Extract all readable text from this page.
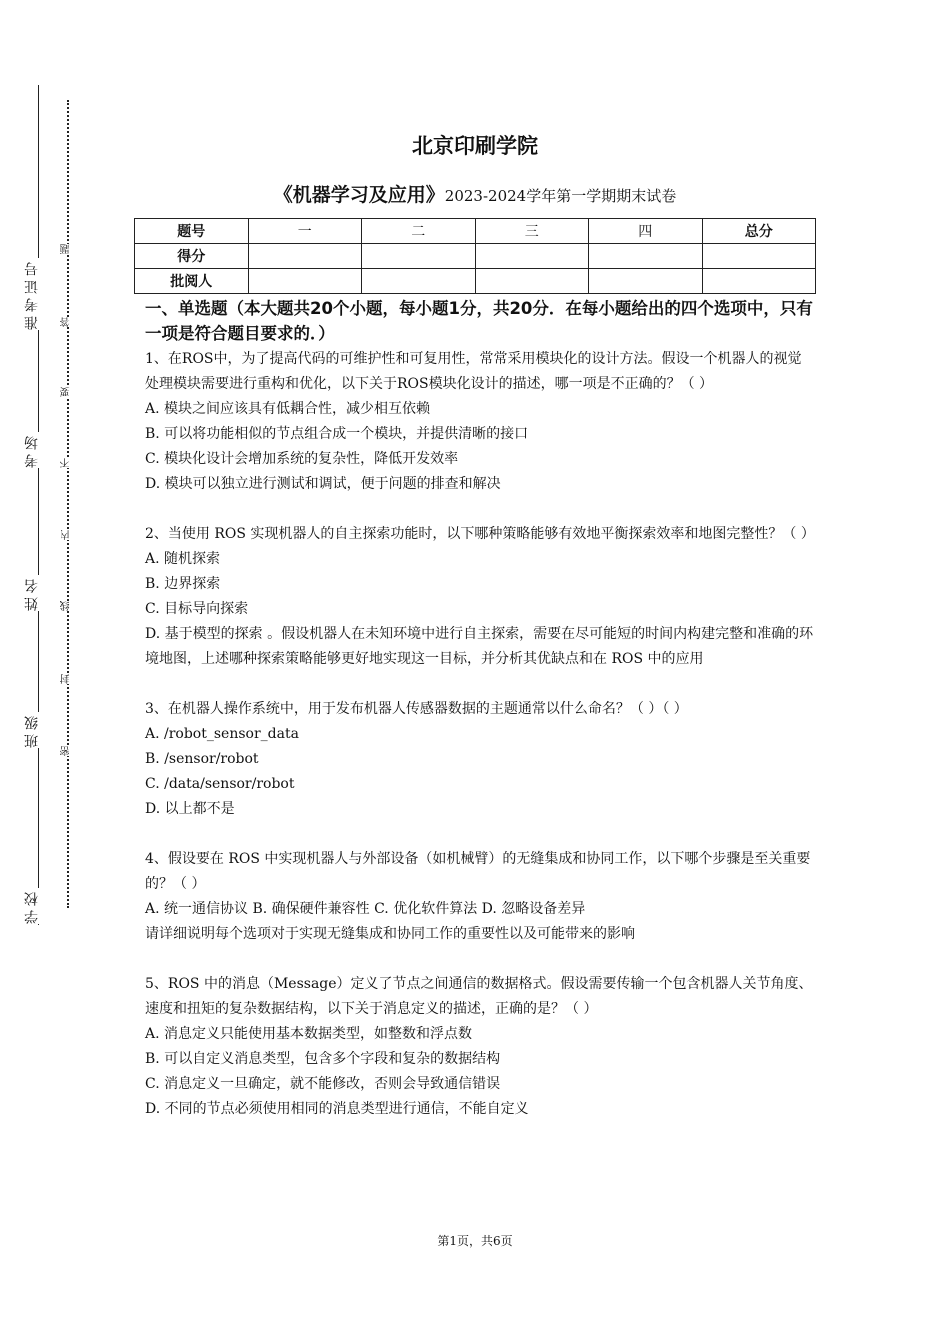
准考证号
考场
姓名
班级
学校
题
答
要
不
内
线
封
密
北京印刷学院
《机器学习及应用》2023-2024学年第一学期期末试卷
题号	一	二	三	四	总分
得分					
批阅人					
一、单选题（本大题共20个小题，每小题1分，共20分．在每小题给出的四个选项中，只有一项是符合题目要求的．）

1、在ROS中，为了提高代码的可维护性和可复用性，常常采用模块化的设计方法。假设一个机器人的视觉处理模块需要进行重构和优化，以下关于ROS模块化设计的描述，哪一项是不正确的？（ ）

A. 模块之间应该具有低耦合性，减少相互依赖

B. 可以将功能相似的节点组合成一个模块，并提供清晰的接口

C. 模块化设计会增加系统的复杂性，降低开发效率

D. 模块可以独立进行测试和调试，便于问题的排查和解决

2、当使用 ROS 实现机器人的自主探索功能时，以下哪种策略能够有效地平衡探索效率和地图完整性？（ ）

A. 随机探索

B. 边界探索

C. 目标导向探索

D. 基于模型的探索 。假设机器人在未知环境中进行自主探索，需要在尽可能短的时间内构建完整和准确的环境地图，上述哪种探索策略能够更好地实现这一目标，并分析其优缺点和在 ROS 中的应用

3、在机器人操作系统中，用于发布机器人传感器数据的主题通常以什么命名？（ ）（ ）

A. /robot_sensor_data

B. /sensor/robot

C. /data/sensor/robot

D. 以上都不是

4、假设要在 ROS 中实现机器人与外部设备（如机械臂）的无缝集成和协同工作，以下哪个步骤是至关重要的？（ ）

A. 统一通信协议 B. 确保硬件兼容性 C. 优化软件算法 D. 忽略设备差异

请详细说明每个选项对于实现无缝集成和协同工作的重要性以及可能带来的影响

5、ROS 中的消息（Message）定义了节点之间通信的数据格式。假设需要传输一个包含机器人关节角度、速度和扭矩的复杂数据结构，以下关于消息定义的描述，正确的是？（ ）

A. 消息定义只能使用基本数据类型，如整数和浮点数

B. 可以自定义消息类型，包含多个字段和复杂的数据结构

C. 消息定义一旦确定，就不能修改，否则会导致通信错误

D. 不同的节点必须使用相同的消息类型进行通信，不能自定义

第1页，共6页
